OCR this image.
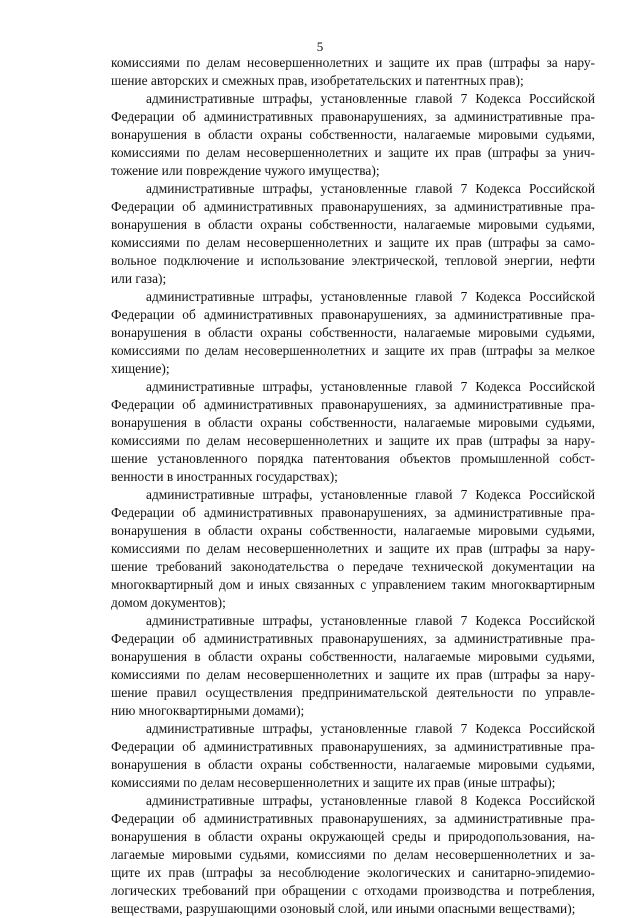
5
комиссиями по делам несовершеннолетних и защите их прав (штрафы за нару-
шение авторских и смежных прав, изобретательских и патентных прав);
административные штрафы, установленные главой 7 Кодекса Российской
Федерации об административных правонарушениях, за административные пра-
вонарушения в области охраны собственности, налагаемые мировыми судьями,
комиссиями по делам несовершеннолетних и защите их прав (штрафы за унич-
тожение или повреждение чужого имущества);
административные штрафы, установленные главой 7 Кодекса Российской
Федерации об административных правонарушениях, за административные пра-
вонарушения в области охраны собственности, налагаемые мировыми судьями,
комиссиями по делам несовершеннолетних и защите их прав (штрафы за само-
вольное подключение и использование электрической, тепловой энергии, нефти
или газа);
административные штрафы, установленные главой 7 Кодекса Российской
Федерации об административных правонарушениях, за административные пра-
вонарушения в области охраны собственности, налагаемые мировыми судьями,
комиссиями по делам несовершеннолетних и защите их прав (штрафы за мелкое
хищение);
административные штрафы, установленные главой 7 Кодекса Российской
Федерации об административных правонарушениях, за административные пра-
вонарушения в области охраны собственности, налагаемые мировыми судьями,
комиссиями по делам несовершеннолетних и защите их прав (штрафы за нару-
шение установленного порядка патентования объектов промышленной собст-
венности в иностранных государствах);
административные штрафы, установленные главой 7 Кодекса Российской
Федерации об административных правонарушениях, за административные пра-
вонарушения в области охраны собственности, налагаемые мировыми судьями,
комиссиями по делам несовершеннолетних и защите их прав (штрафы за нару-
шение требований законодательства о передаче технической документации на
многоквартирный дом и иных связанных с управлением таким многоквартирным
домом документов);
административные штрафы, установленные главой 7 Кодекса Российской
Федерации об административных правонарушениях, за административные пра-
вонарушения в области охраны собственности, налагаемые мировыми судьями,
комиссиями по делам несовершеннолетних и защите их прав (штрафы за нару-
шение правил осуществления предпринимательской деятельности по управле-
нию многоквартирными домами);
административные штрафы, установленные главой 7 Кодекса Российской
Федерации об административных правонарушениях, за административные пра-
вонарушения в области охраны собственности, налагаемые мировыми судьями,
комиссиями по делам несовершеннолетних и защите их прав (иные штрафы);
административные штрафы, установленные главой 8 Кодекса Российской
Федерации об административных правонарушениях, за административные пра-
вонарушения в области охраны окружающей среды и природопользования, на-
лагаемые мировыми судьями, комиссиями по делам несовершеннолетних и за-
щите их прав (штрафы за несоблюдение экологических и санитарно-эпидемио-
логических требований при обращении с отходами производства и потребления,
веществами, разрушающими озоновый слой, или иными опасными веществами);
